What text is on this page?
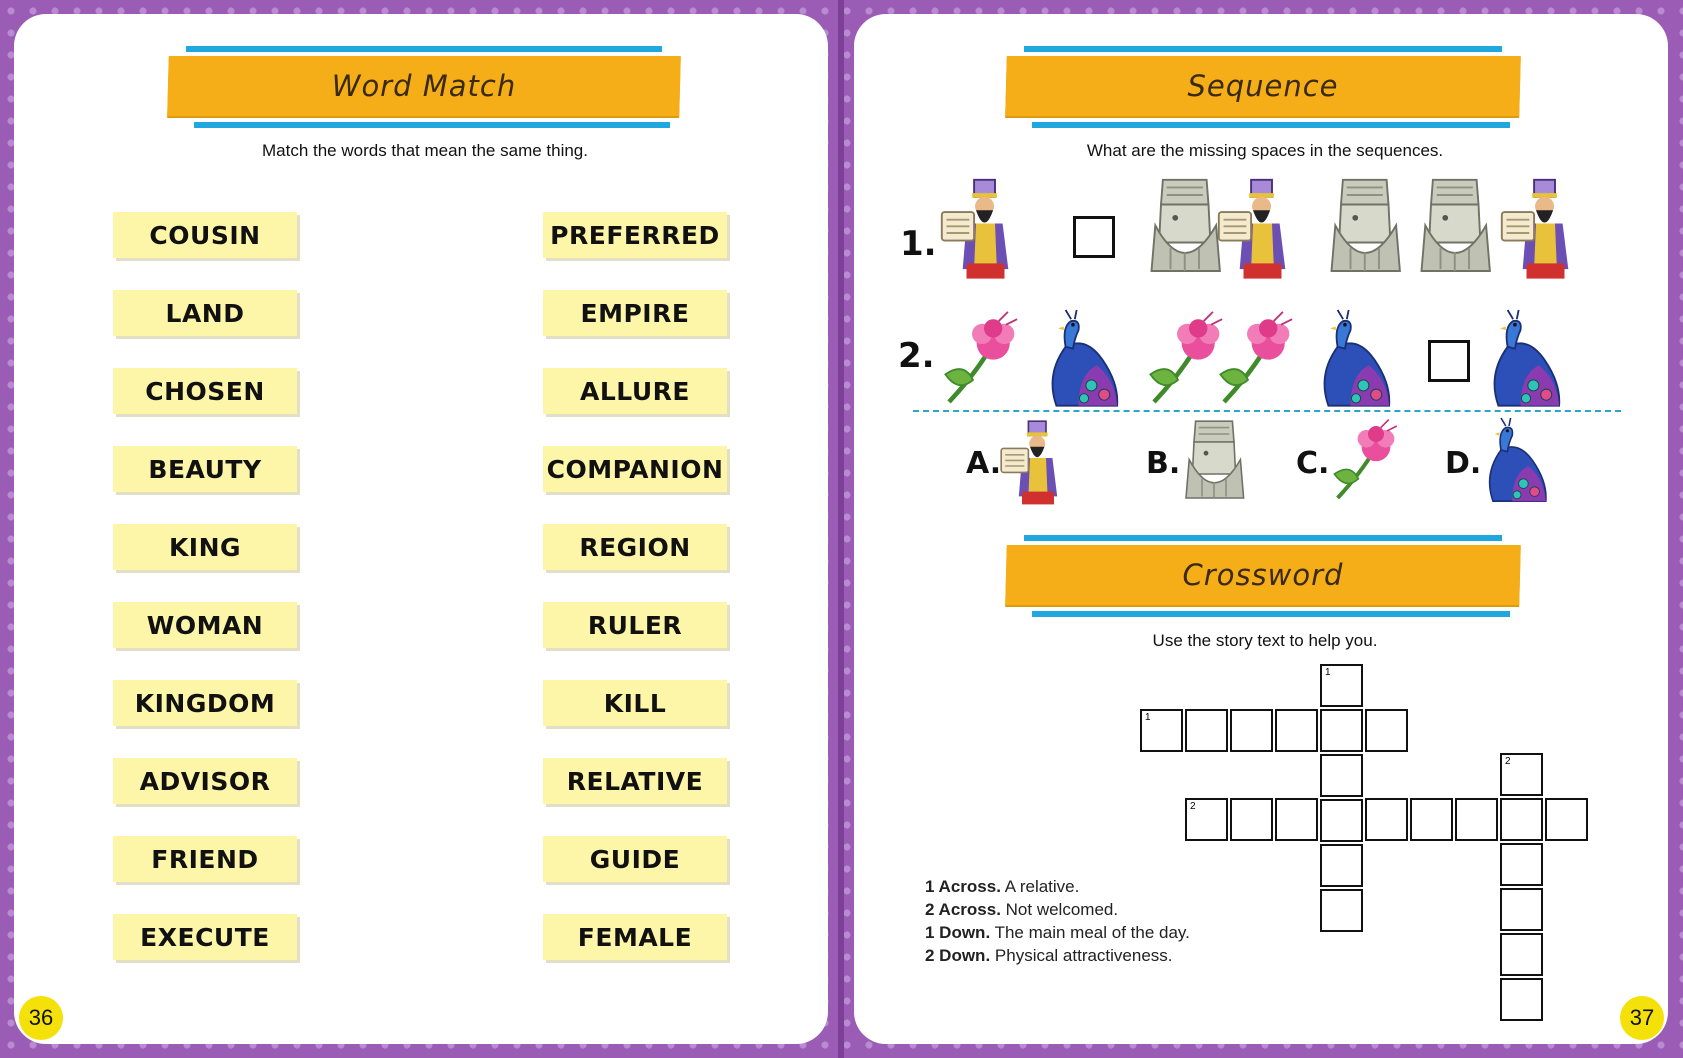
Word Match
Match the words that mean the same thing.
COUSIN
LAND
CHOSEN
BEAUTY
KING
WOMAN
KINGDOM
ADVISOR
FRIEND
EXECUTE
PREFERRED
EMPIRE
ALLURE
COMPANION
REGION
RULER
KILL
RELATIVE
GUIDE
FEMALE
36
Sequence
What are the missing spaces in the sequences.
1.
2.
A.	B.	C.	D.
Crossword
Use the story text to help you.
1
1
2
2
1 Across. A relative.
2 Across. Not welcomed.
1 Down. The main meal of the day.
2 Down. Physical attractiveness.
37
